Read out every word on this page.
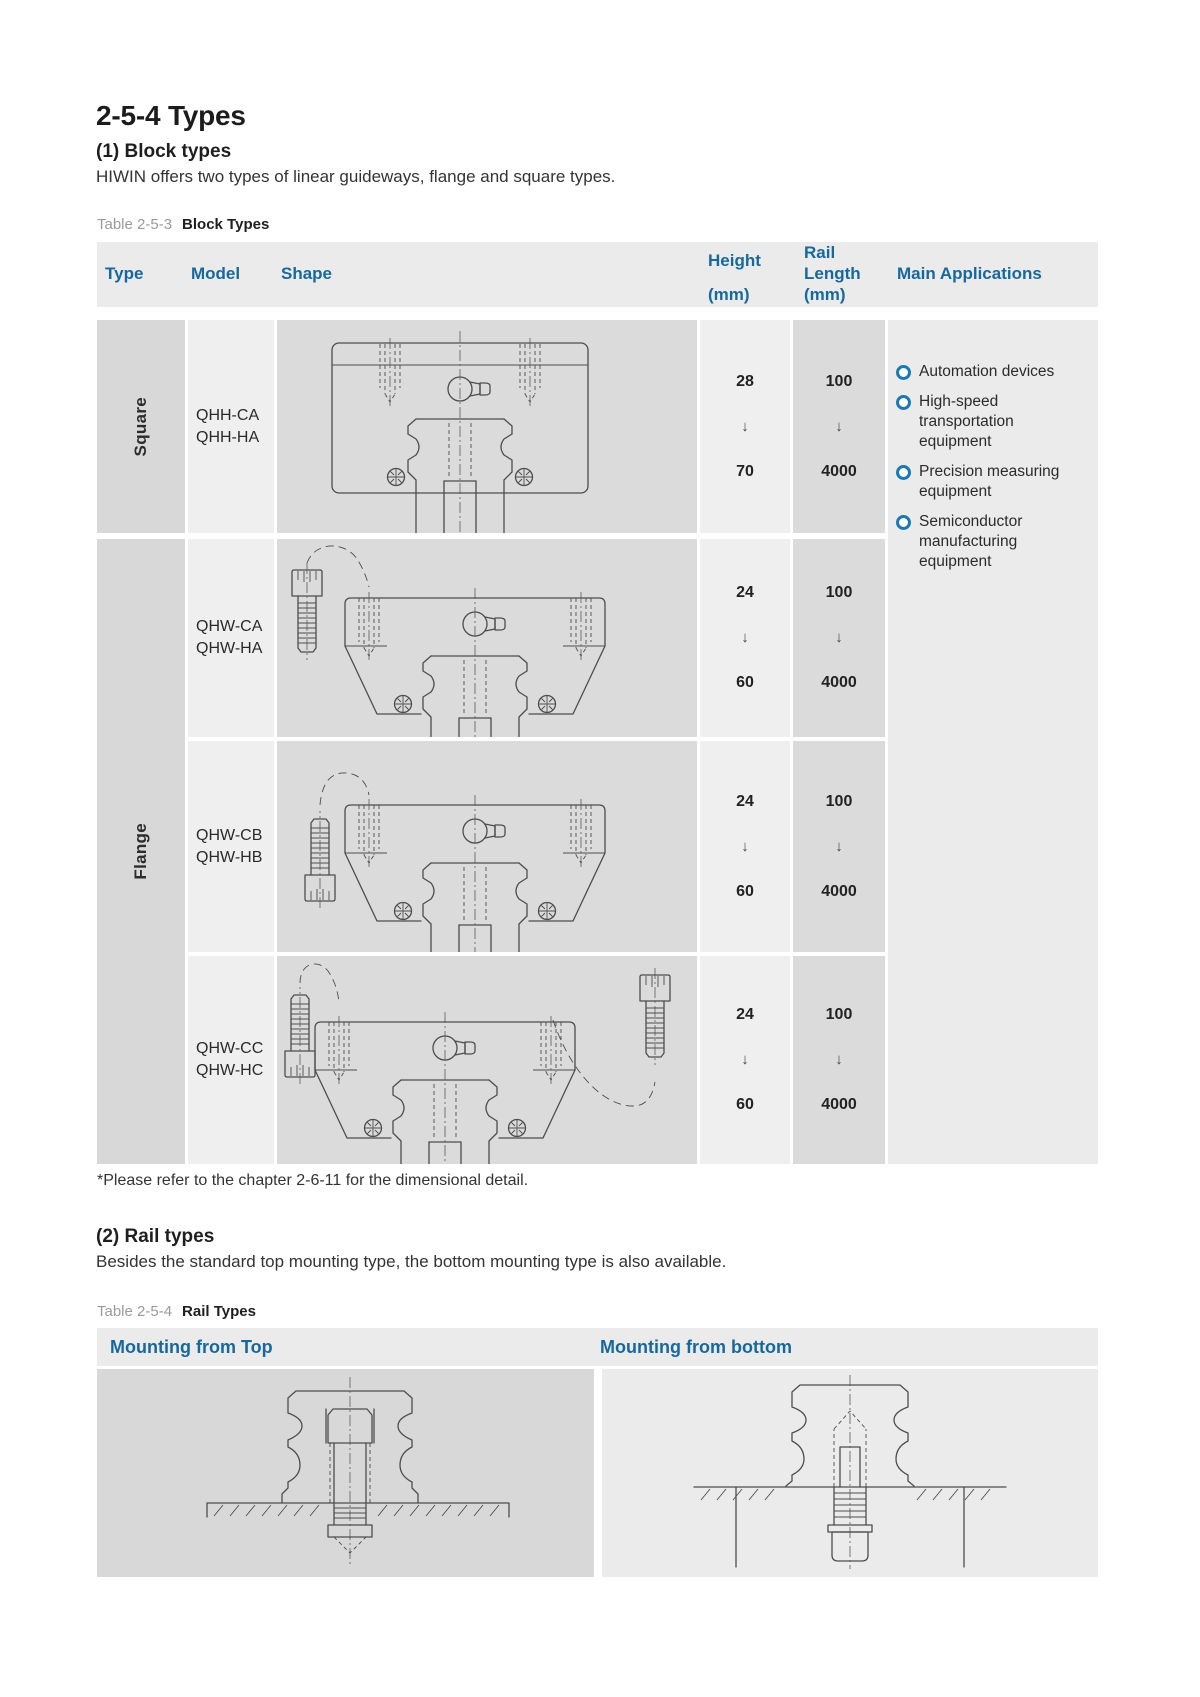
2-5-4 Types
(1) Block types
HIWIN offers two types of linear guideways, flange and square types.
Table 2-5-3 Block Types
Type	Model Shape
Height
(mm)
Rail
Length
(mm)
Main Applications
Square
Flange
QHH-CA
QHH-HA
28
↓
70
100
↓
4000
Automation devices
High-speed transportation equipment
Precision measuring equipment
Semiconductor manufacturing equipment
QHW-CA
QHW-HA
24
↓
60
100
↓
4000
QHW-CB
QHW-HB
24
↓
60
100
↓
4000
QHW-CC
QHW-HC
24
↓
60
100
↓
4000
*Please refer to the chapter 2-6-11 for the dimensional detail.
(2) Rail types
Besides the standard top mounting type, the bottom mounting type is also available.
Table 2-5-4 Rail Types
Mounting from Top	Mounting from bottom
